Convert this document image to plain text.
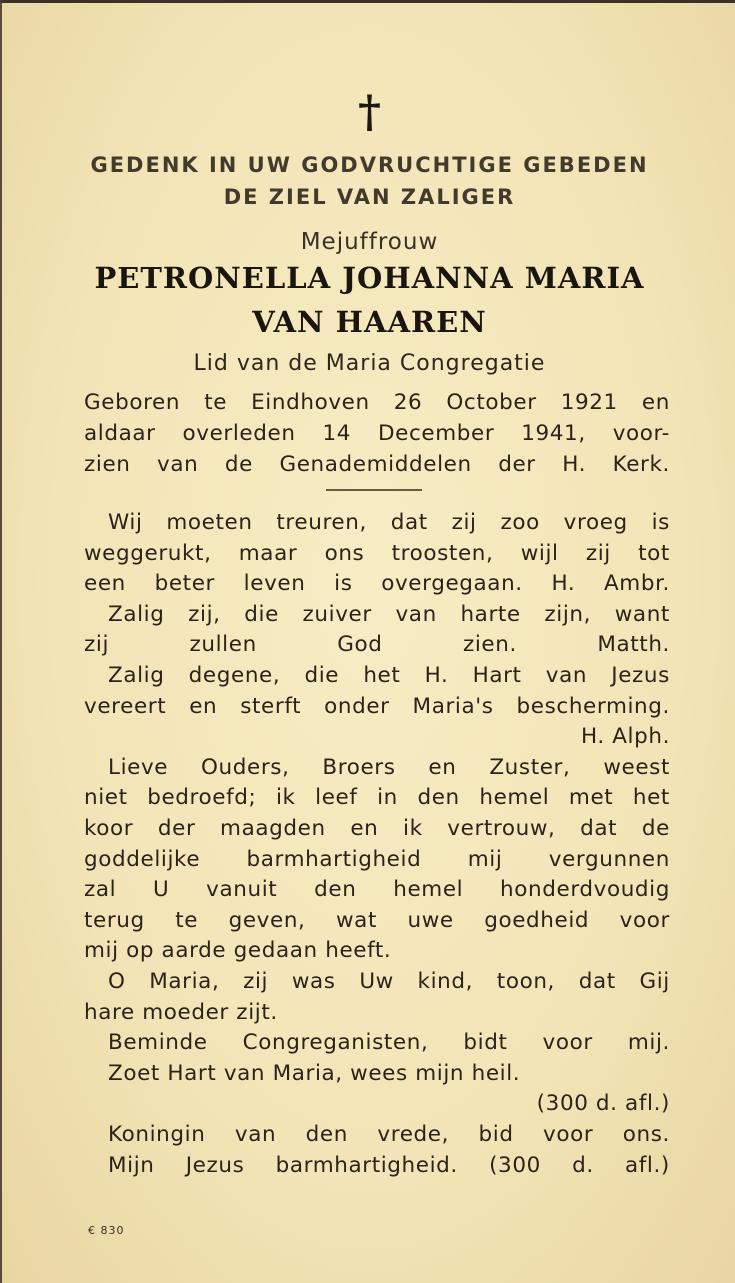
†
GEDENK IN UW GODVRUCHTIGE GEBEDEN
DE ZIEL VAN ZALIGER
Mejuffrouw
PETRONELLA JOHANNA MARIA
VAN HAAREN
Lid van de Maria Congregatie
Geboren te Eindhoven 26 October 1921 en
aldaar overleden 14 December 1941, voor-
zien van de Genademiddelen der H. Kerk.
Wij moeten treuren, dat zij zoo vroeg is
weggerukt, maar ons troosten, wijl zij tot
een beter leven is overgegaan. H. Ambr.
Zalig zij, die zuiver van harte zijn, want
zij	zullen	God	zien.	Matth.
Zalig degene, die het H. Hart van Jezus
vereert en sterft onder Maria's bescherming.
H. Alph.
Lieve Ouders, Broers en Zuster, weest
niet bedroefd; ik leef in den hemel met het
koor der maagden en ik vertrouw, dat de
goddelijke barmhartigheid mij vergunnen
zal U vanuit den hemel honderdvoudig
terug te geven, wat uwe goedheid voor
mij op aarde gedaan heeft.
O Maria, zij was Uw kind, toon, dat Gij
hare moeder zijt.
Beminde Congreganisten, bidt voor mij.
Zoet Hart van Maria, wees mijn heil.
(300 d. afl.)
Koningin van den vrede, bid voor ons.
Mijn Jezus barmhartigheid. (300 d. afl.)
€ 830
